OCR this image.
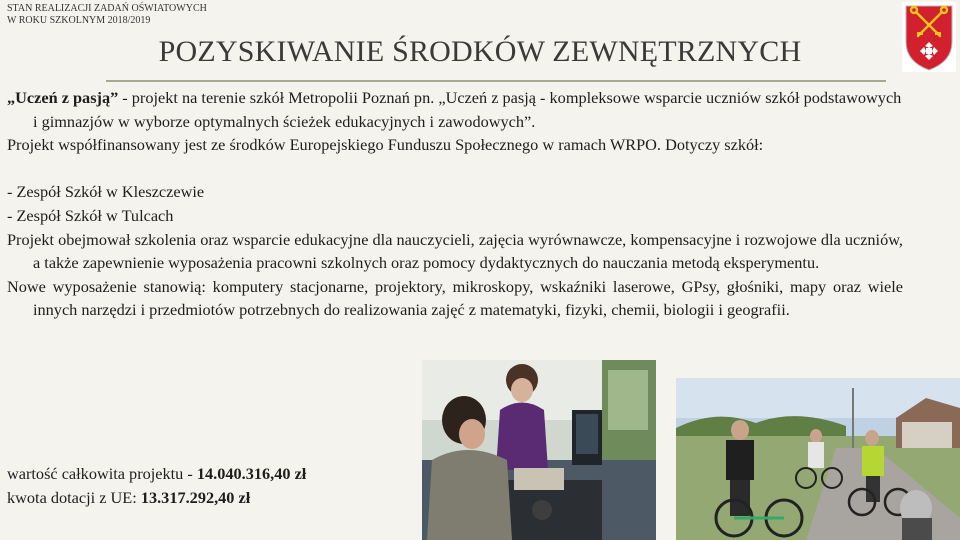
STAN REALIZACJI ZADAŃ OŚWIATOWYCH
W ROKU SZKOLNYM 2018/2019
POZYSKIWANIE ŚRODKÓW ZEWNĘTRZNYCH

„Uczeń z pasją” - projekt na terenie szkół Metropolii Poznań pn. „Uczeń z pasją - kompleksowe wsparcie uczniów szkół podstawowych i gimnazjów w wyborze optymalnych ścieżek edukacyjnych i zawodowych”.

Projekt współfinansowany jest ze środków Europejskiego Funduszu Społecznego w ramach WRPO. Dotyczy szkół:

- Zespół Szkół w Kleszczewie

- Zespół Szkół w Tulcach

Projekt obejmował szkolenia oraz wsparcie edukacyjne dla nauczycieli, zajęcia wyrównawcze, kompensacyjne i rozwojowe dla uczniów, a także zapewnienie wyposażenia pracowni szkolnych oraz pomocy dydaktycznych do nauczania metodą eksperymentu.

Nowe wyposażenie stanowią: komputery stacjonarne, projektory, mikroskopy, wskaźniki laserowe, GPsy, głośniki, mapy oraz wiele innych narzędzi i przedmiotów potrzebnych do realizowania zajęć z matematyki, fizyki, chemii, biologii i geografii.

wartość całkowita projektu - 14.040.316,40 zł
kwota dotacji z UE: 13.317.292,40 zł
